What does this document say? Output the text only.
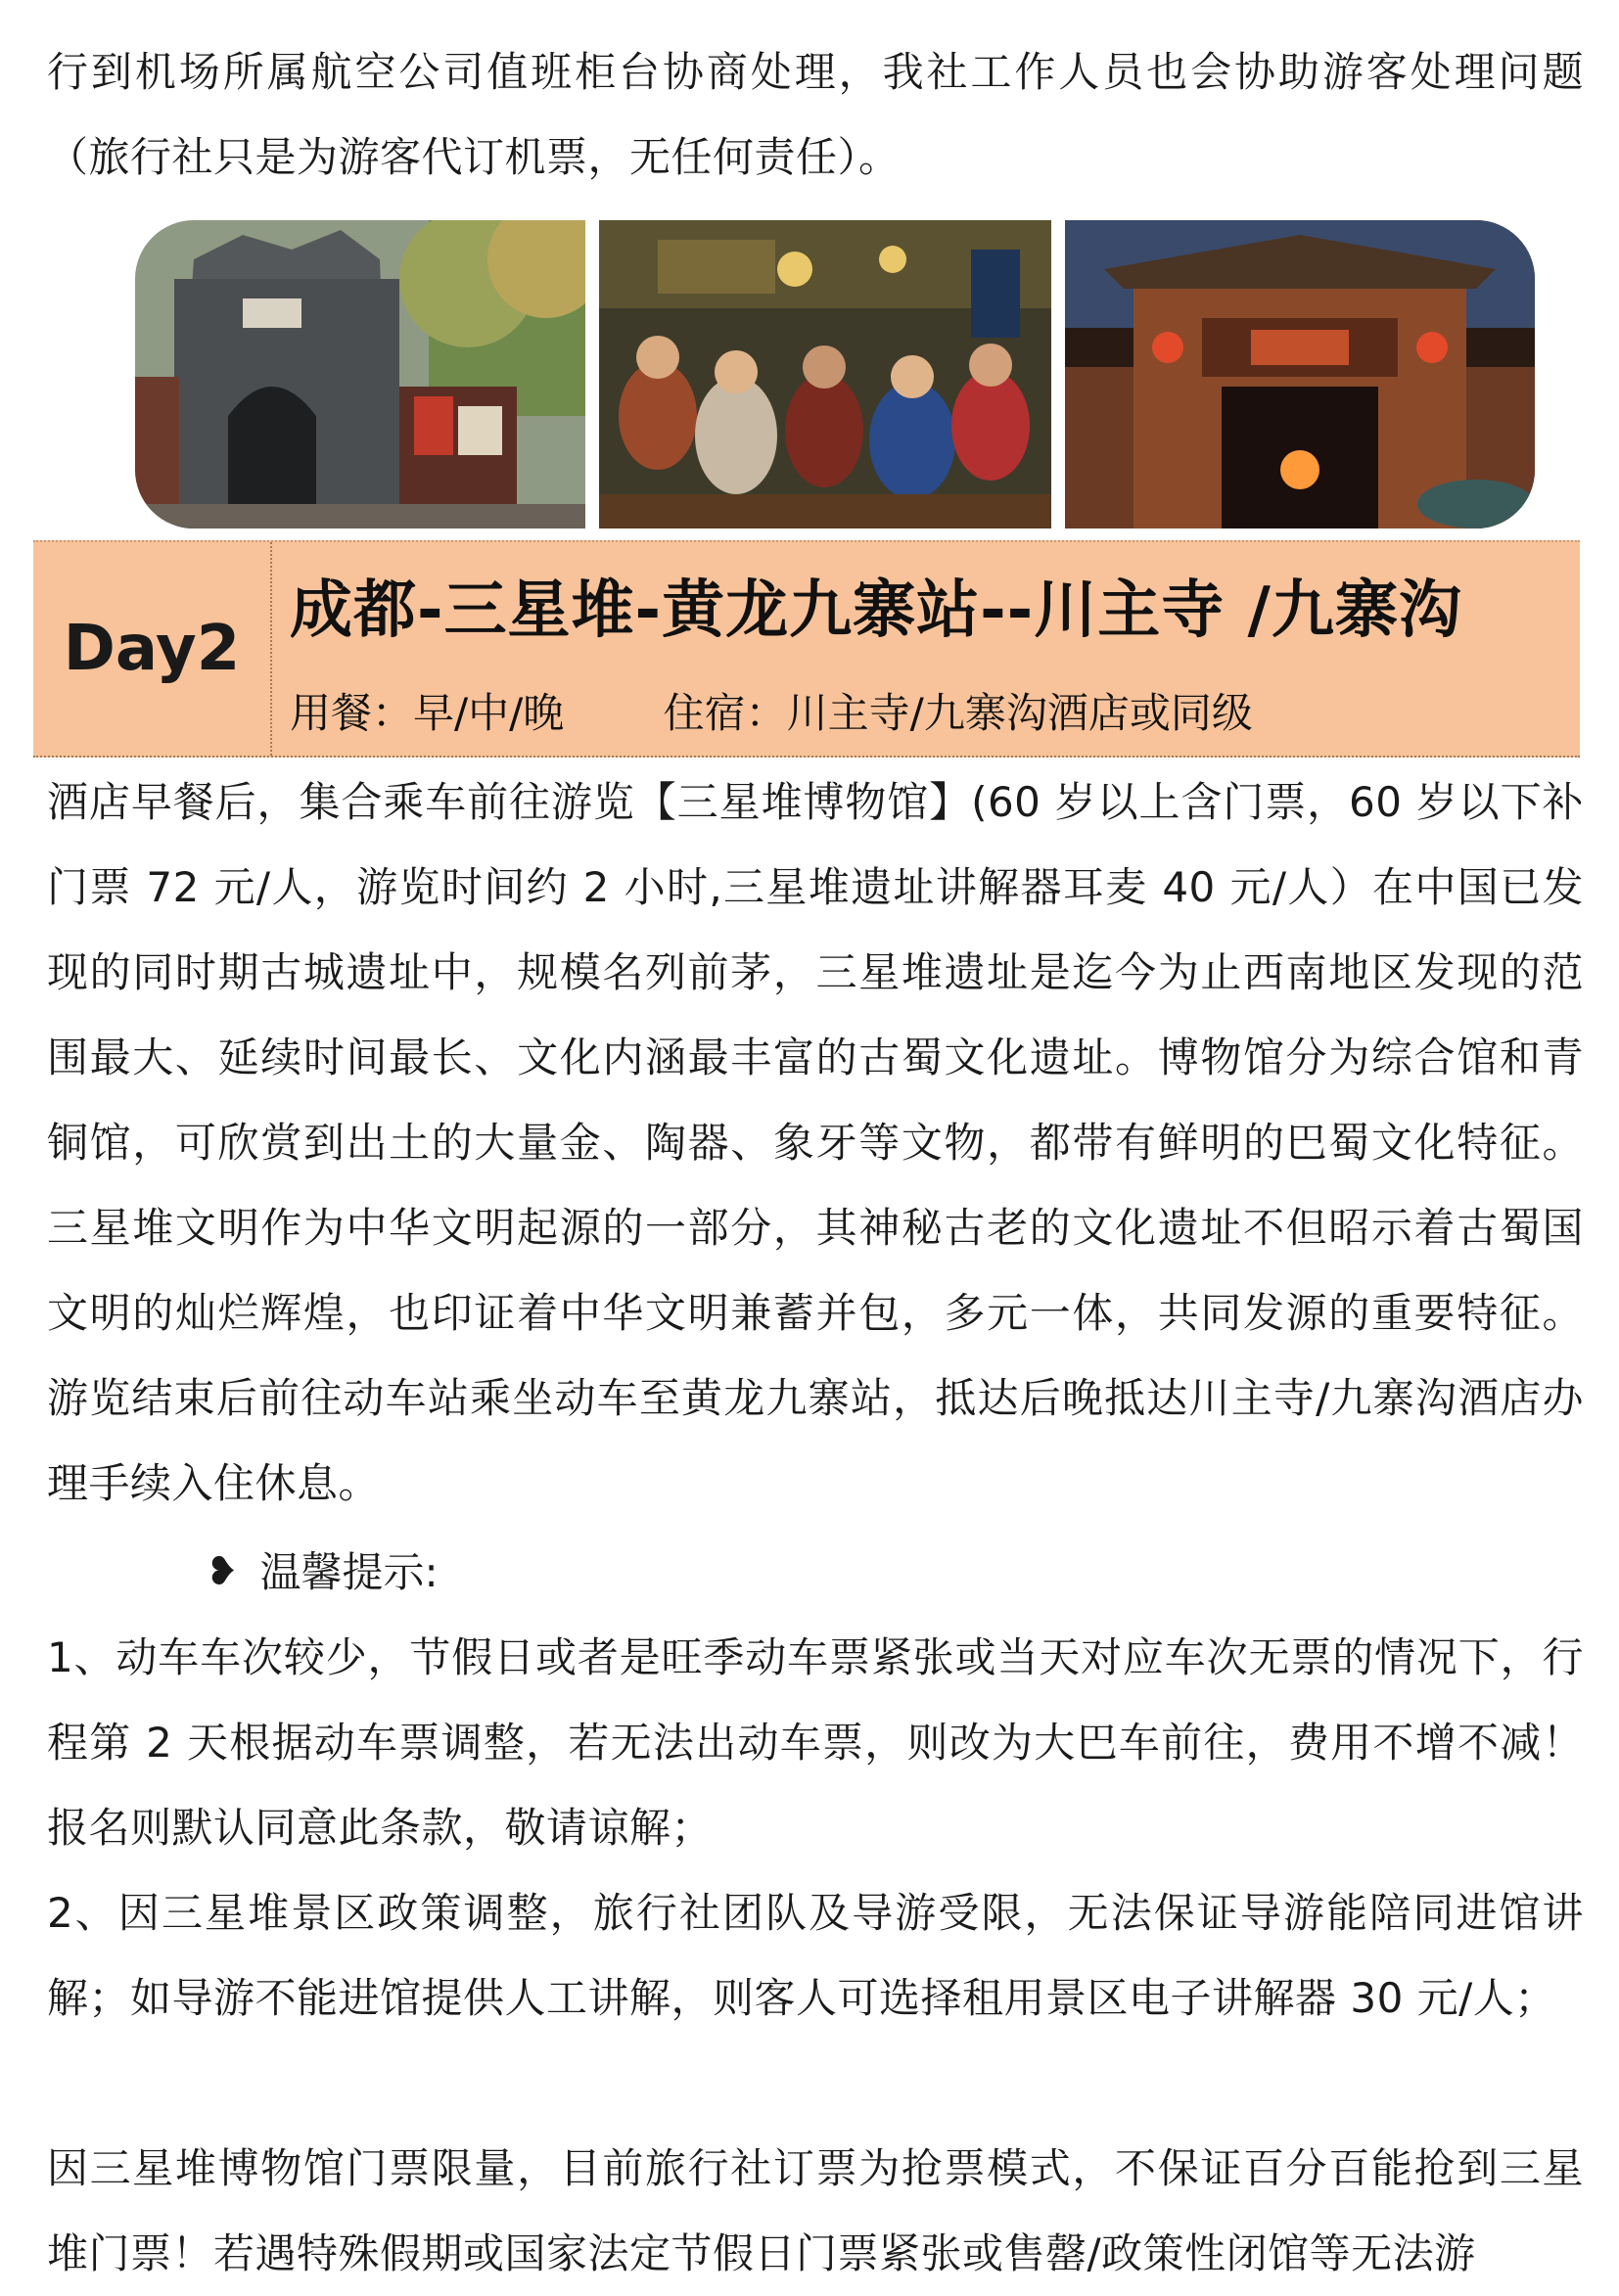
行到机场所属航空公司值班柜台协商处理，我社工作人员也会协助游客处理问题（旅行社只是为游客代订机票，无任何责任）。

Day2
成都-三星堆-黄龙九寨站--川主寺 /九寨沟
用餐：早/中/晚 住宿：川主寺/九寨沟酒店或同级

酒店早餐后，集合乘车前往游览【三星堆博物馆】(60 岁以上含门票，60 岁以下补门票 72 元/人，游览时间约 2 小时,三星堆遗址讲解器耳麦 40 元/人）在中国已发现的同时期古城遗址中，规模名列前茅，三星堆遗址是迄今为止西南地区发现的范围最大、延续时间最长、文化内涵最丰富的古蜀文化遗址。博物馆分为综合馆和青铜馆，可欣赏到出土的大量金、陶器、象牙等文物，都带有鲜明的巴蜀文化特征。三星堆文明作为中华文明起源的一部分，其神秘古老的文化遗址不但昭示着古蜀国文明的灿烂辉煌，也印证着中华文明兼蓄并包，多元一体，共同发源的重要特征。游览结束后前往动车站乘坐动车至黄龙九寨站，抵达后晚抵达川主寺/九寨沟酒店办理手续入住休息。

❥ 温馨提示:

1、动车车次较少，节假日或者是旺季动车票紧张或当天对应车次无票的情况下，行程第 2 天根据动车票调整，若无法出动车票，则改为大巴车前往，费用不增不减！报名则默认同意此条款，敬请谅解；

2、因三星堆景区政策调整，旅行社团队及导游受限，无法保证导游能陪同进馆讲解；如导游不能进馆提供人工讲解，则客人可选择租用景区电子讲解器 30 元/人；

因三星堆博物馆门票限量，目前旅行社订票为抢票模式，不保证百分百能抢到三星堆门票！若遇特殊假期或国家法定节假日门票紧张或售罄/政策性闭馆等无法游
